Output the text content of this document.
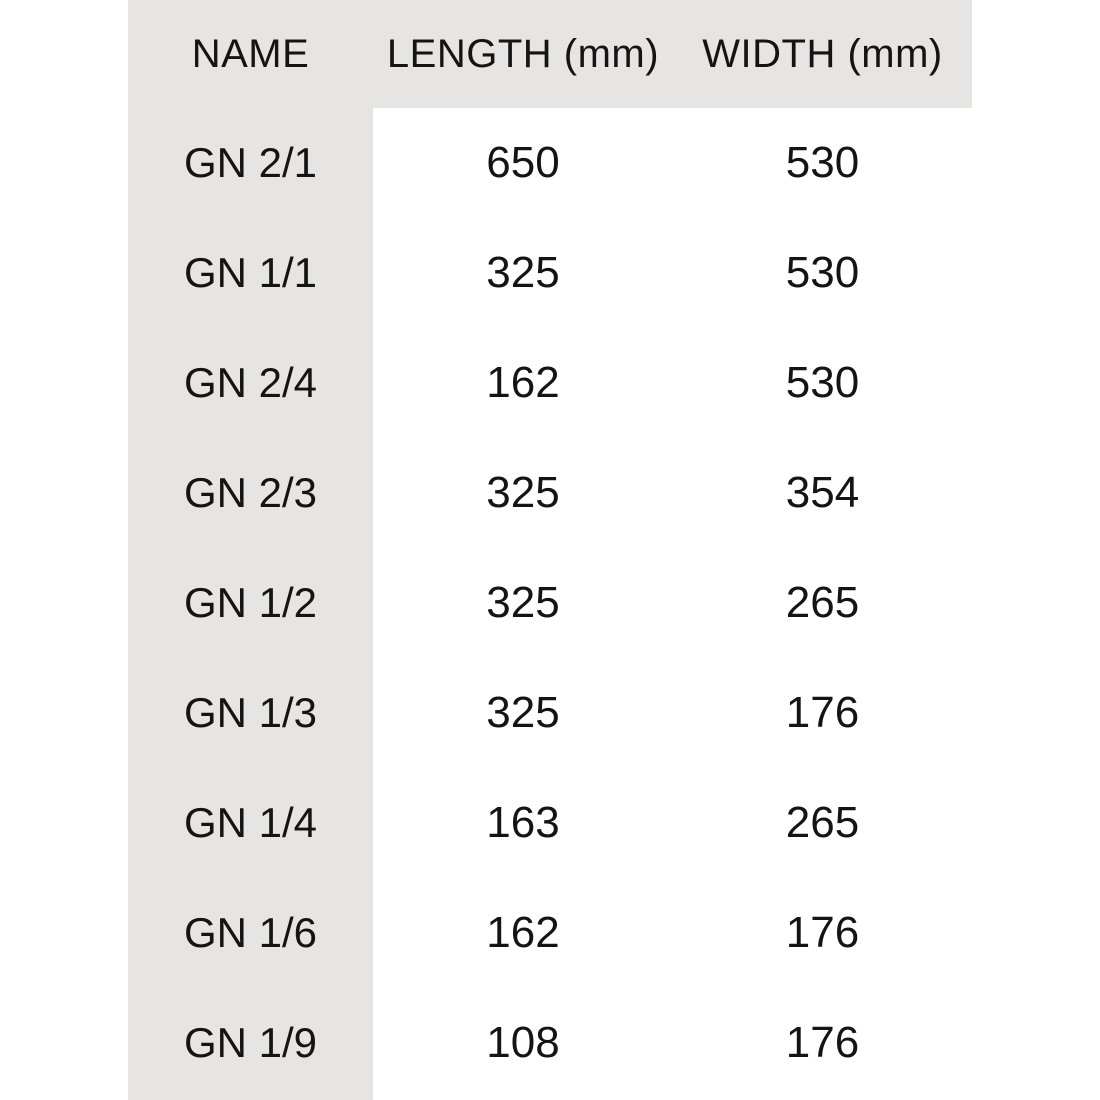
NAME	LENGTH (mm)	WIDTH (mm)
GN 2/1	650	530
GN 1/1	325	530
GN 2/4	162	530
GN 2/3	325	354
GN 1/2	325	265
GN 1/3	325	176
GN 1/4	163	265
GN 1/6	162	176
GN 1/9	108	176
